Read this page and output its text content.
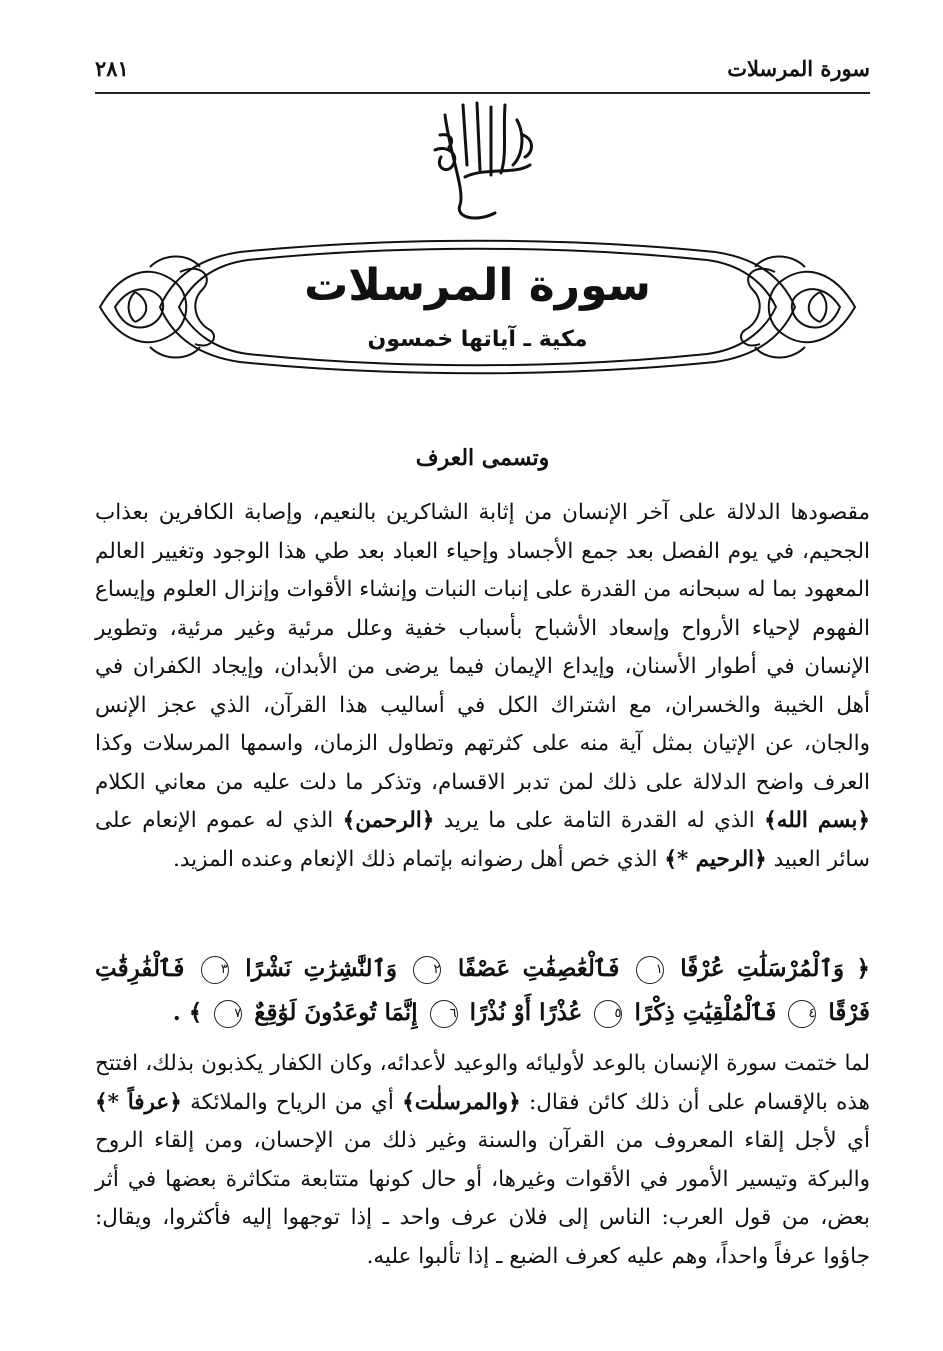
سورة المرسلات
٢٨١
سورة المرسلات
مكية ـ آياتها خمسون
وتسمى العرف
مقصودها الدلالة على آخر الإنسان من إثابة الشاكرين بالنعيم، وإصابة الكافرين بعذاب الجحيم، في يوم الفصل بعد جمع الأجساد وإحياء العباد بعد طي هذا الوجود وتغيير العالم المعهود بما له سبحانه من القدرة على إنبات النبات وإنشاء الأقوات وإنزال العلوم وإيساع الفهوم لإحياء الأرواح وإسعاد الأشباح بأسباب خفية وعلل مرئية وغير مرئية، وتطوير الإنسان في أطوار الأسنان، وإيداع الإيمان فيما يرضى من الأبدان، وإيجاد الكفران في أهل الخيبة والخسران، مع اشتراك الكل في أساليب هذا القرآن، الذي عجز الإنس والجان، عن الإتيان بمثل آية منه على كثرتهم وتطاول الزمان، واسمها المرسلات وكذا العرف واضح الدلالة على ذلك لمن تدبر الاقسام، وتذكر ما دلت عليه من معاني الكلام ﴿بسم الله﴾ الذي له القدرة التامة على ما يريد ﴿الرحمن﴾ الذي له عموم الإنعام على سائر العبيد ﴿الرحيم *﴾ الذي خص أهل رضوانه بإتمام ذلك الإنعام وعنده المزيد.
﴿ وَٱلْمُرْسَلَٰتِ عُرْفًا ١ فَٱلْعَٰصِفَٰتِ عَصْفًا ٢ وَٱلنَّٰشِرَٰتِ نَشْرًا ٣ فَٱلْفَٰرِقَٰتِ فَرْقًا ٤ فَٱلْمُلْقِيَٰتِ ذِكْرًا ٥ عُذْرًا أَوْ نُذْرًا ٦ إِنَّمَا تُوعَدُونَ لَوَٰقِعٌ ٧ ﴾ .
لما ختمت سورة الإنسان بالوعد لأوليائه والوعيد لأعدائه، وكان الكفار يكذبون بذلك، افتتح هذه بالإقسام على أن ذلك كائن فقال: ﴿والمرسلٰت﴾ أي من الرياح والملائكة ﴿عرفاً *﴾ أي لأجل إلقاء المعروف من القرآن والسنة وغير ذلك من الإحسان، ومن إلقاء الروح والبركة وتيسير الأمور في الأقوات وغيرها، أو حال كونها متتابعة متكاثرة بعضها في أثر بعض، من قول العرب: الناس إلى فلان عرف واحد ـ إذا توجهوا إليه فأكثروا، ويقال: جاؤوا عرفاً واحداً، وهم عليه كعرف الضبع ـ إذا تألبوا عليه.
